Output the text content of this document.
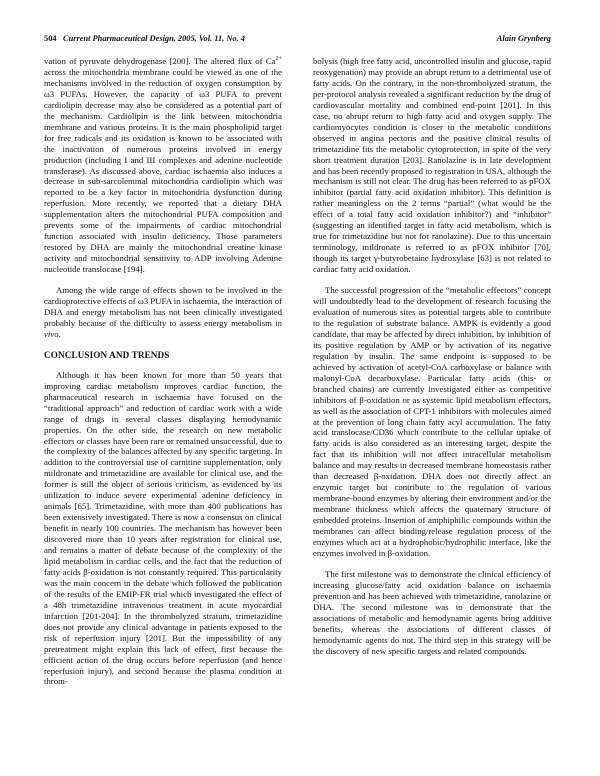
504 Current Pharmaceutical Design, 2005, Vol. 11, No. 4	Alain Grynberg

vation of pyruvate dehydrogenase [200]. The altered flux of $Ca^{2+}$ across the mitochondria membrane could be viewed as one of the mechanisms involved in the reduction of oxygen consumption by ω3 PUFAs. However, the capacity of ω3 PUFA to prevent cardiolipin decrease may also be considered as a potential part of the mechanism. Cardiolipin is the link between mitochondria membrane and various proteins. It is the main phospholipid target for free radicals and its oxidation is known to be associated with the inactivation of numerous proteins involved in energy production (including I and III complexes and adenine nucleotide transferase). As discussed above, cardiac ischaemia also induces a decrease in sub-sarcolemmal mitochondria cardiolipin which was reported to be a key factor in mitochondria dysfunction during reperfusion. More recently, we reported that a dietary DHA supplementation alters the mitochondrial PUFA composition and prevents some of the impairments of cardiac mitochondrial function associated with insulin deficiency. Those parameters restored by DHA are mainly the mitochondrial creatine kinase activity and mitochondrial sensitivity to ADP involving Adenine nucleotide translocase [194].

Among the wide range of effects shown to be involved in the cardioprotective effects of ω3 PUFA in ischaemia, the interaction of DHA and energy metabolism has not been clinically investigated probably because of the difficulty to assess energy metabolism in vivo.

CONCLUSION AND TRENDS

Although it has been known for more than 50 years that improving cardiac metabolism improves cardiac function, the pharmaceutical research in ischaemia have focused on the “traditional approach” and reduction of cardiac work with a wide range of drugs in several classes displaying hemodynamic properties. On the other side, the research on new metabolic effectors or classes have been rare or remained unsuccessful, due to the complexity of the balances affected by any specific targeting. In addition to the controversial use of carnitine supplementation, only mildronate and trimetazidine are available for clinical use, and the former is still the object of serious criticism, as evidenced by its utilization to induce severe experimental adenine deficiency in animals [65]. Trimetazidine, with more than 400 publications has been extensively investigated. There is now a consensus on clinical benefit in nearly 100 countries. The mechanism has however been discovered more than 10 years after registration for clinical use, and remains a matter of debate because of the complexity of the lipid metabolism in cardiac cells, and the fact that the reduction of fatty acids β-oxidation is not constantly required. This particularity was the main concern in the debate which followed the publication of the results of the EMIP-FR trial which investigated the effect of a 48h trimetazidine intravenous treatment in acute myocardial infarction [201-204]. In the thrombolyzed stratum, trimetazidine does not provide any clinical advantage in patients exposed to the risk of reperfusion injury [201]. But the impossibility of any pretreatment might explain this lack of effect, first because the efficient action of the drug occurs before reperfusion (and hence reperfusion injury), and second because the plasma condition at throm-

bolysis (high free fatty acid, uncontrolled insulin and glucose, rapid reoxygenation) may provide an abrupt return to a detrimental use of fatty acids. On the contrary, in the non-thrombolyzed stratum, the per-protocol analysis revealed a significant reduction by the drug of cardiovascular mortality and combined end-point [201]. In this case, no abrupt return to high fatty acid and oxygen supply. The cardiomyocytes condition is closer to the metabolic conditions observed in angina pectoris and the positive clinical results of trimetazidine fits the metabolic cytoprotection, in spite of the very short treatment duration [203]. Ranolazine is in late development and has been recently proposed to registration in USA, although the mechanism is still not clear. The drug has been referred to as pFOX inhibitor (partial fatty acid oxidation inhibitor). This definition is rather meaningless on the 2 terms “partial” (what would be the effect of a total fatty acid oxidation inhibitor?) and “inhibitor” (suggesting an identified target in fatty acid metabolism, which is true for trimetazidine but not for ranolazine). Due to this uncertain terminology, mildronate is referred to as pFOX inhibitor [70], though its target γ-butyrobetaine hydroxylase [63] is not related to cardiac fatty acid oxidation.

The successful progression of the “metabolic effectors” concept will undoubtedly lead to the development of research focusing the evaluation of numerous sites as potential targets able to contribute to the regulation of substrate balance. AMPK is evidently a good candidate, that may be affected by direct inhibition, by inhibition of its positive regulation by AMP or by activation of its negative regulation by insulin. The same endpoint is supposed to be achieved by activation of acetyl-CoA carboxylase or balance with malonyl-CoA decarboxylase. Particular fatty acids (this- or branched chains) are currently investigated either as competitive inhibitors of β-oxidation or as systemic lipid metabolism effectors, as well as the association of CPT-1 inhibitors with molecules aimed at the prevention of long chain fatty acyl accumulation. The fatty acid translocase/CD36 which contribute to the cellular uptake of fatty acids is also considered as an interesting target, despite the fact that its inhibition will not affect intracellular metabolism balance and may results in decreased membrane homeostasis rather than decreased β-oxidation. DHA does not directly affect an enzymic target but contribute to the regulation of various membrane-bound enzymes by altering their environment and/or the membrane thickness which affects the quaternary structure of embedded proteins. Insertion of amphiphilic compounds within the membranes can affect binding/release regulation process of the enzymes which act at a hydrophobic/hydrophilic interface, like the enzymes involved in β-oxidation.

The first milestone was to demonstrate the clinical efficiency of increasing glucose/fatty acid oxidation balance on ischaemia prevention and has been achieved with trimetazidine, ranolazine or DHA. The second milestone was to demonstrate that the associations of metabolic and hemodynamic agents bring additive benefits, whereas the associations of different classes of hemodynamic agents do not. The third step in this strategy will be the discovery of new specific targets and related compounds.
